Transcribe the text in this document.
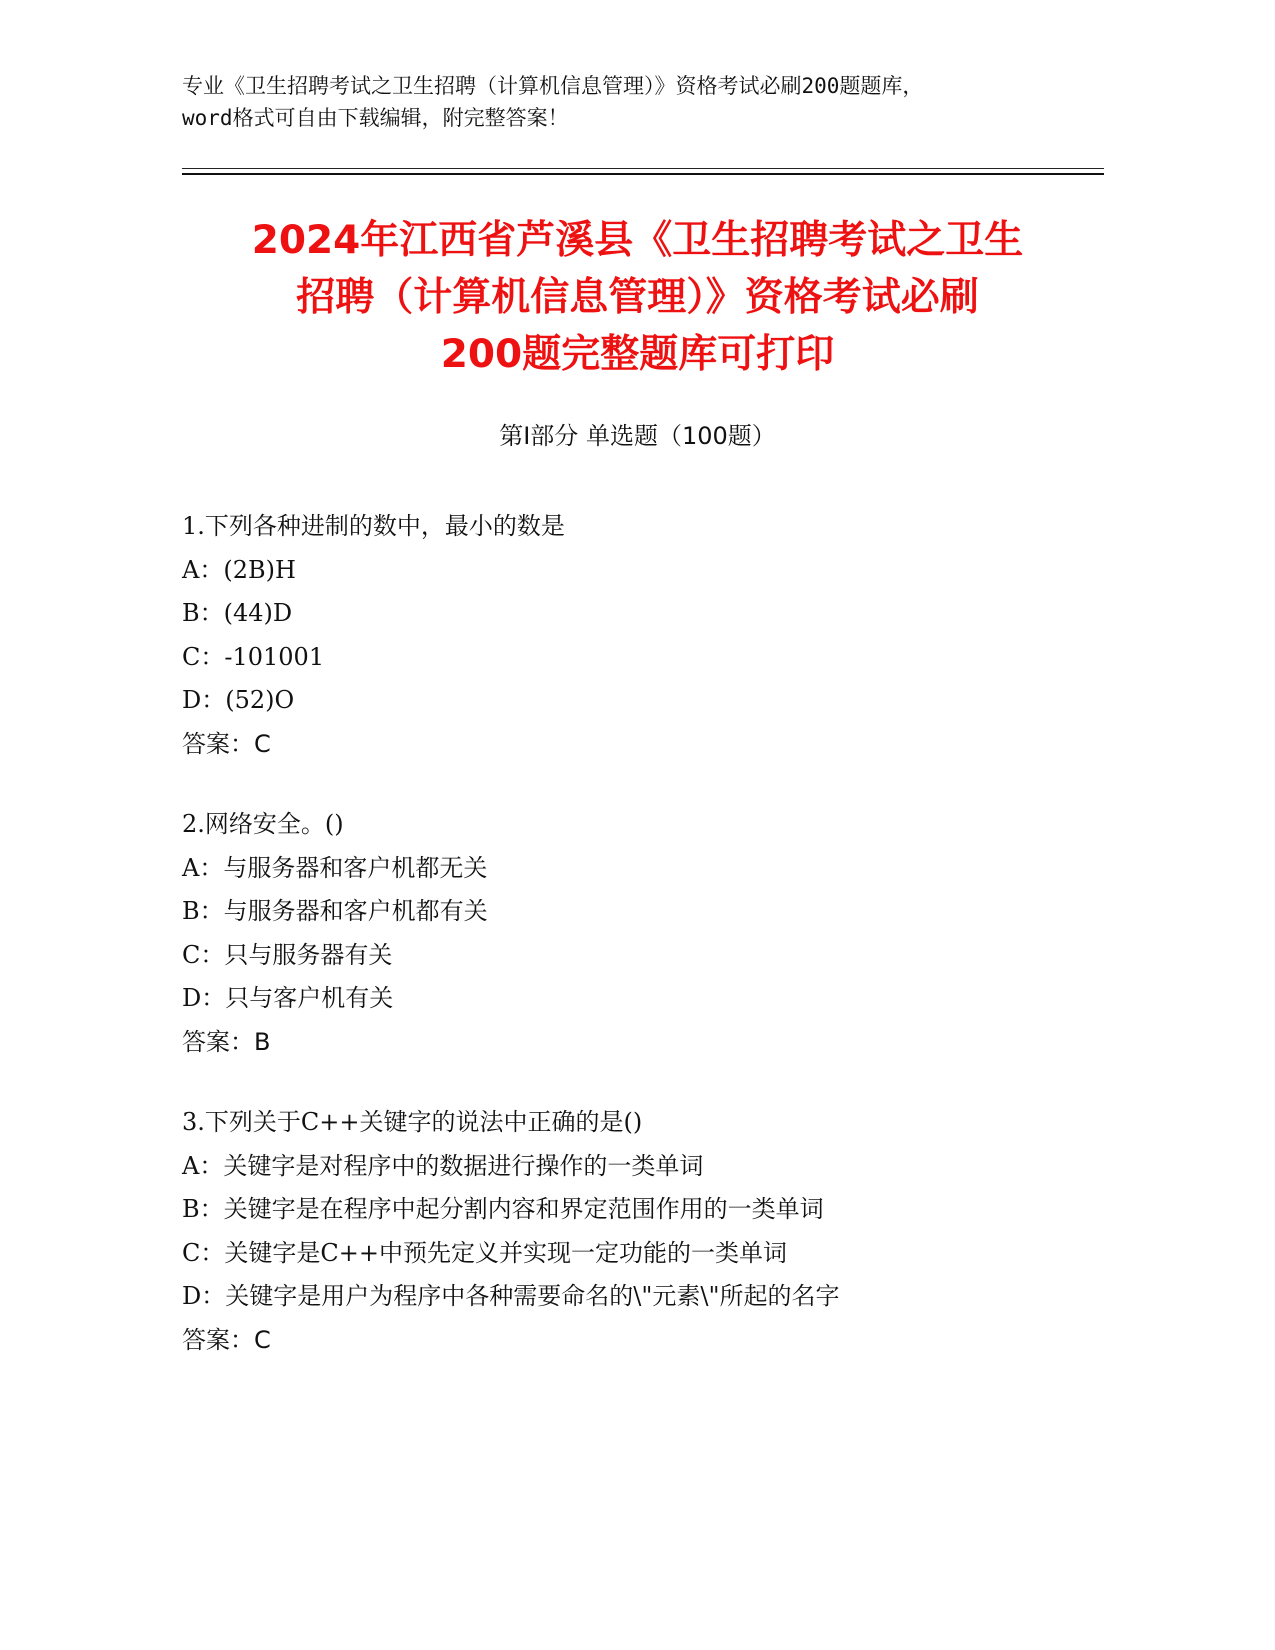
专业《卫生招聘考试之卫生招聘（计算机信息管理）》资格考试必刷200题题库，
word格式可自由下载编辑，附完整答案！
2024年江西省芦溪县《卫生招聘考试之卫生
招聘（计算机信息管理）》资格考试必刷
200题完整题库可打印
第Ⅰ部分 单选题（100题）
1.下列各种进制的数中，最小的数是
A：(2B)H
B：(44)D
C：-101001
D：(52)O
答案：C
2.网络安全。()
A：与服务器和客户机都无关
B：与服务器和客户机都有关
C：只与服务器有关
D：只与客户机有关
答案：B
3.下列关于C++关键字的说法中正确的是()
A：关键字是对程序中的数据进行操作的一类单词
B：关键字是在程序中起分割内容和界定范围作用的一类单词
C：关键字是C++中预先定义并实现一定功能的一类单词
D：关键字是用户为程序中各种需要命名的\"元素\"所起的名字
答案：C
